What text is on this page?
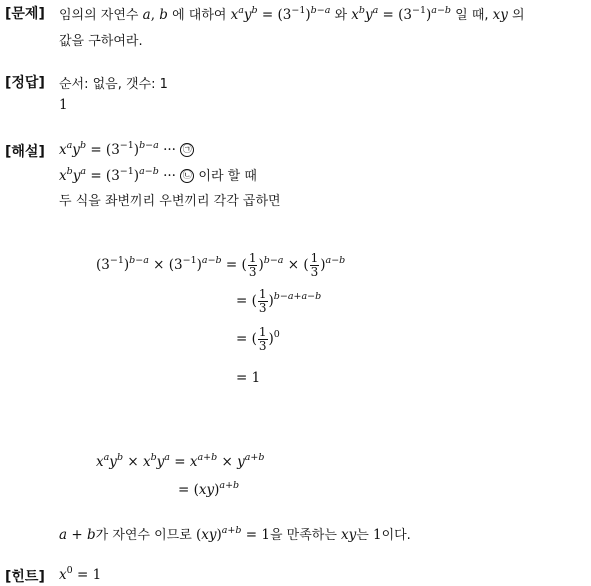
[문제] 임의의 자연수 a, b 에 대하여 $x^ay^b = (3^{-1})^{b-a}$ 와 $x^by^a = (3^{-1})^{a-b}$ 일 때, xy 의
값을 구하여라.
[정답] 순서: 없음, 갯수: 1
1
[해설] $x^ay^b = (3^{-1})^{b-a}$ ··· ㉠
$x^by^a = (3^{-1})^{a-b}$ ··· ㉡ 이라 할 때
두 식을 좌변끼리 우변끼리 각각 곱하면
$(3^{-1})^{b-a} \times (3^{-1})^{a-b}$ = ( $\frac{1}{3} )^{b-a}$ × ( $\frac{1}{3} )^{a-b}$
= ( $\frac{1}{3} )^{b-a+a-b}$
= ( $\frac{1}{3} )^0$
= 1
$x^ay^b \times x^by^a = x^{a+b} \times y^{a+b}$
= (xy)$^{a+b}$
a + b가 자연수 이므로 (xy)$^{a+b}$ = 1을 만족하는 xy는 1이다.
[힌트] $x^0 = 1$
